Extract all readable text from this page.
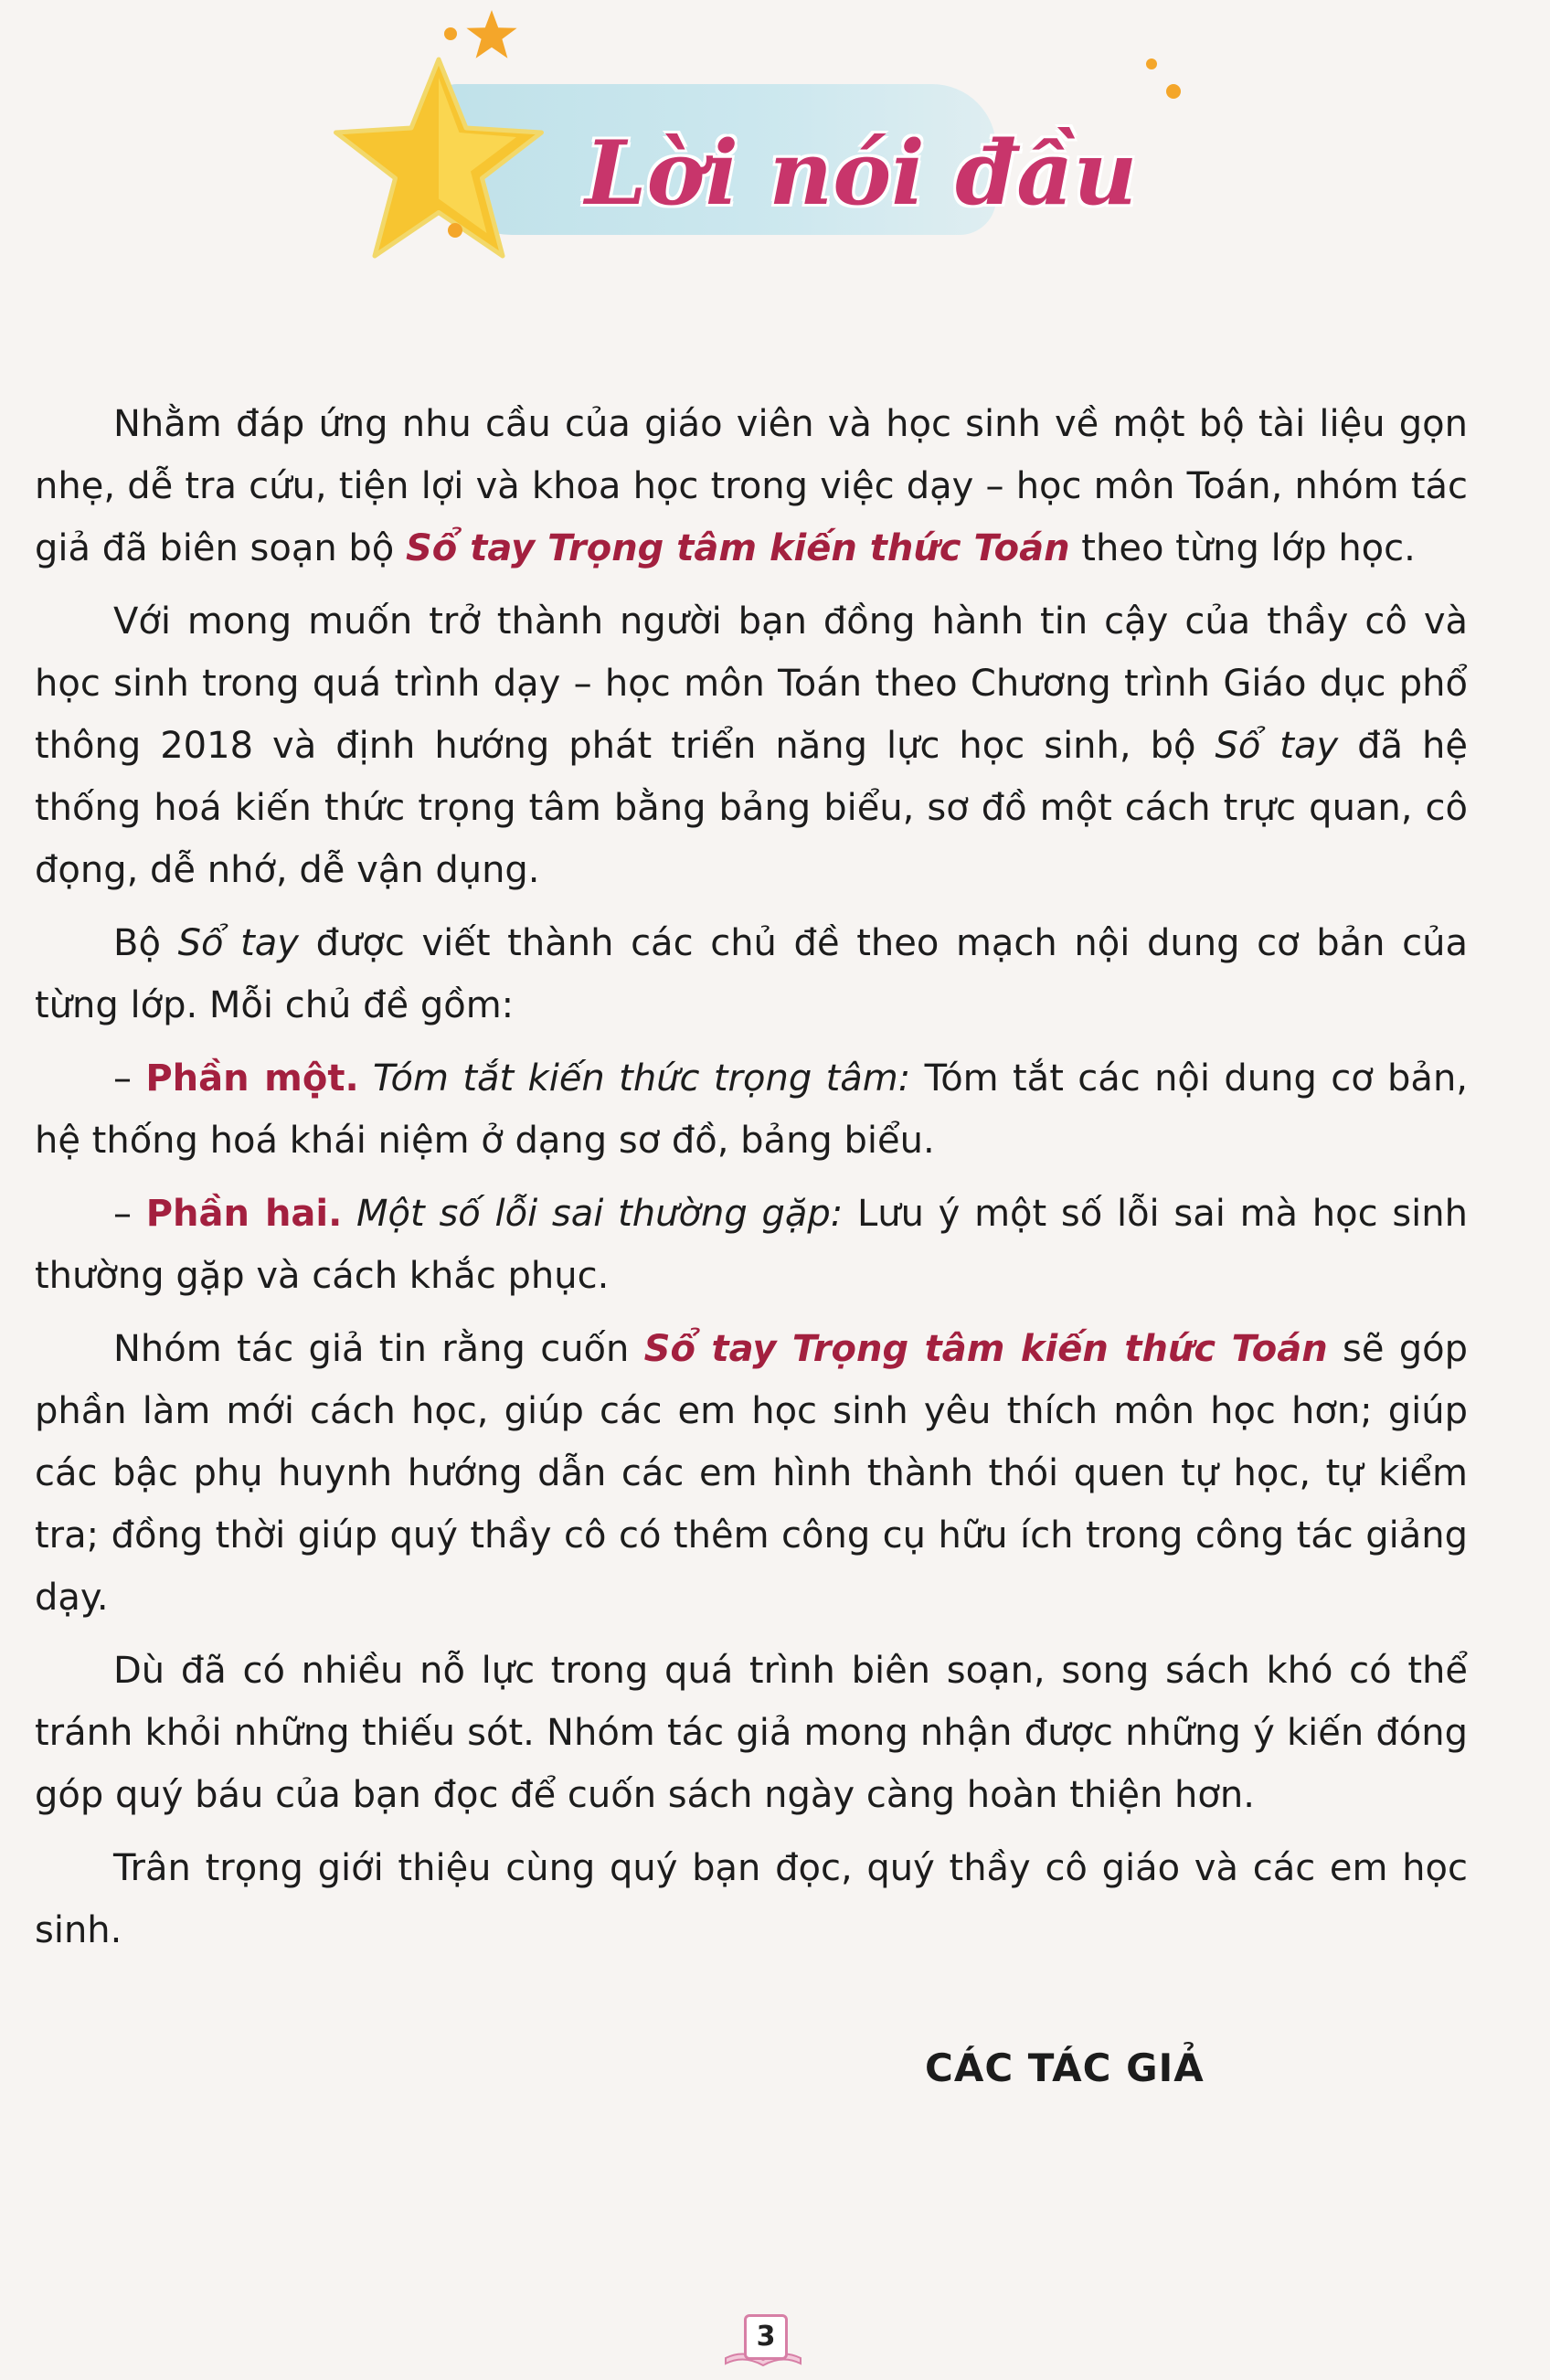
Lời nói đầu

Nhằm đáp ứng nhu cầu của giáo viên và học sinh về một bộ tài liệu gọn nhẹ, dễ tra cứu, tiện lợi và khoa học trong việc dạy – học môn Toán, nhóm tác giả đã biên soạn bộ Sổ tay Trọng tâm kiến thức Toán theo từng lớp học.

Với mong muốn trở thành người bạn đồng hành tin cậy của thầy cô và học sinh trong quá trình dạy – học môn Toán theo Chương trình Giáo dục phổ thông 2018 và định hướng phát triển năng lực học sinh, bộ Sổ tay đã hệ thống hoá kiến thức trọng tâm bằng bảng biểu, sơ đồ một cách trực quan, cô đọng, dễ nhớ, dễ vận dụng.

Bộ Sổ tay được viết thành các chủ đề theo mạch nội dung cơ bản của từng lớp. Mỗi chủ đề gồm:

– Phần một. Tóm tắt kiến thức trọng tâm: Tóm tắt các nội dung cơ bản, hệ thống hoá khái niệm ở dạng sơ đồ, bảng biểu.

– Phần hai. Một số lỗi sai thường gặp: Lưu ý một số lỗi sai mà học sinh thường gặp và cách khắc phục.

Nhóm tác giả tin rằng cuốn Sổ tay Trọng tâm kiến thức Toán sẽ góp phần làm mới cách học, giúp các em học sinh yêu thích môn học hơn; giúp các bậc phụ huynh hướng dẫn các em hình thành thói quen tự học, tự kiểm tra; đồng thời giúp quý thầy cô có thêm công cụ hữu ích trong công tác giảng dạy.

Dù đã có nhiều nỗ lực trong quá trình biên soạn, song sách khó có thể tránh khỏi những thiếu sót. Nhóm tác giả mong nhận được những ý kiến đóng góp quý báu của bạn đọc để cuốn sách ngày càng hoàn thiện hơn.

Trân trọng giới thiệu cùng quý bạn đọc, quý thầy cô giáo và các em học sinh.

CÁC TÁC GIẢ
3
